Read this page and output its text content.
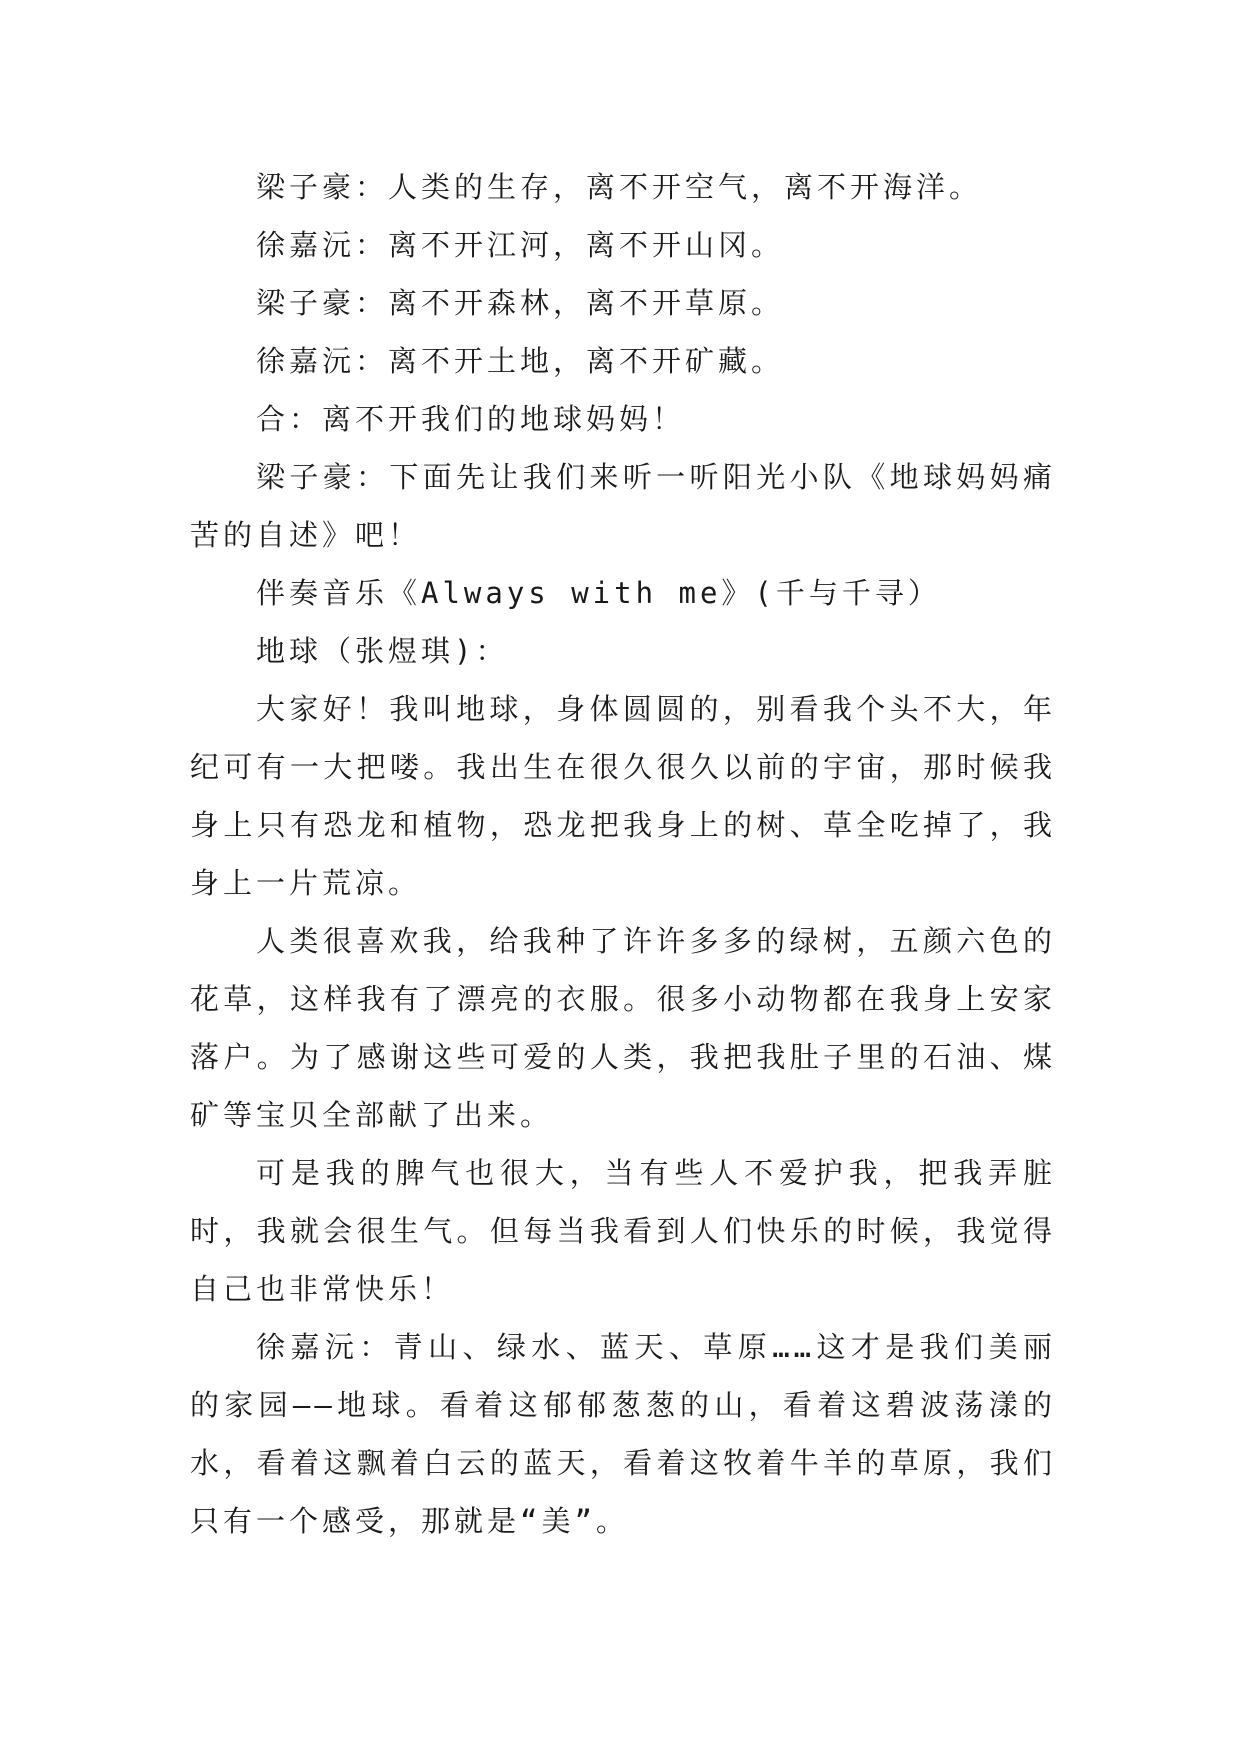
梁子豪：人类的生存，离不开空气，离不开海洋。

徐嘉沅：离不开江河，离不开山冈。

梁子豪：离不开森林，离不开草原。

徐嘉沅：离不开土地，离不开矿藏。

合：离不开我们的地球妈妈！

梁子豪：下面先让我们来听一听阳光小队《地球妈妈痛苦的自述》吧！

伴奏音乐《Always with me》(千与千寻）

地球（张煜琪)：

大家好！我叫地球，身体圆圆的，别看我个头不大，年纪可有一大把喽。我出生在很久很久以前的宇宙，那时候我身上只有恐龙和植物，恐龙把我身上的树、草全吃掉了，我身上一片荒凉。

人类很喜欢我，给我种了许许多多的绿树，五颜六色的花草，这样我有了漂亮的衣服。很多小动物都在我身上安家落户。为了感谢这些可爱的人类，我把我肚子里的石油、煤矿等宝贝全部献了出来。

可是我的脾气也很大，当有些人不爱护我，把我弄脏时，我就会很生气。但每当我看到人们快乐的时候，我觉得自己也非常快乐！

徐嘉沅：青山、绿水、蓝天、草原……这才是我们美丽的家园——地球。看着这郁郁葱葱的山，看着这碧波荡漾的水，看着这飘着白云的蓝天，看着这牧着牛羊的草原，我们只有一个感受，那就是“美”。
